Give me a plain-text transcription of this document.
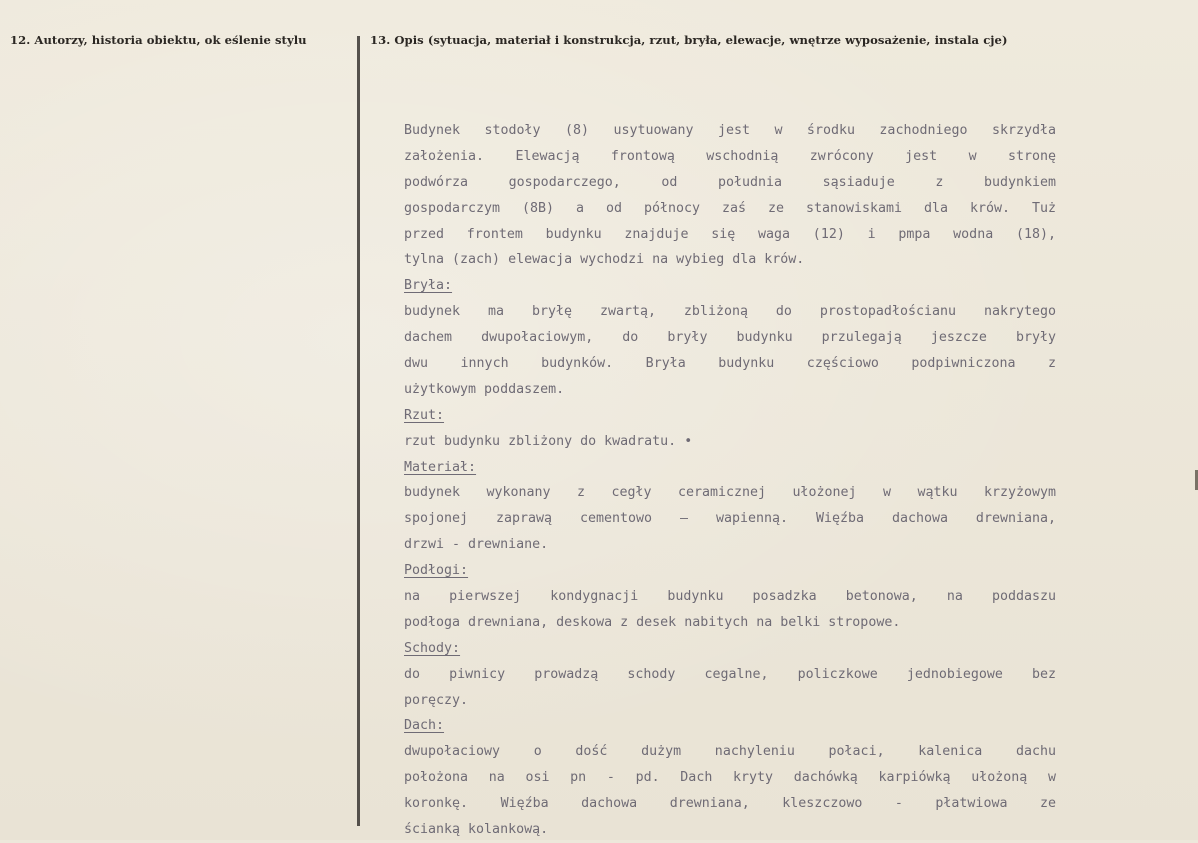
12. Autorzy, historia obiektu, ok eślenie stylu	13. Opis (sytuacja, materiał i konstrukcja, rzut, bryła, elewacje, wnętrze wyposażenie, instala cje)
Budynek stodoły (8) usytuowany jest w środku zachodniego skrzydła
założenia. Elewacją frontową wschodnią zwrócony jest w stronę
podwórza gospodarczego, od południa sąsiaduje z budynkiem
gospodarczym (8B) a od północy zaś ze stanowiskami dla krów. Tuż
przed frontem budynku znajduje się waga (12) i pmpa wodna (18),
tylna (zach) elewacja wychodzi na wybieg dla krów.
Bryła:
budynek ma bryłę zwartą, zbliżoną do prostopadłościanu nakrytego
dachem dwupołaciowym, do bryły budynku przulegają jeszcze bryły
dwu innych budynków. Bryła budynku częściowo podpiwniczona z
użytkowym poddaszem.
Rzut:
rzut budynku zbliżony do kwadratu. •
Materiał:
budynek wykonany z cegły ceramicznej ułożonej w wątku krzyżowym
spojonej zaprawą cementowo – wapienną. Więźba dachowa drewniana,
drzwi - drewniane.
Podłogi:
na pierwszej kondygnacji budynku posadzka betonowa, na poddaszu
podłoga drewniana, deskowa z desek nabitych na belki stropowe.
Schody:
do piwnicy prowadzą schody cegalne, policzkowe jednobiegowe bez
poręczy.
Dach:
dwupołaciowy o dość dużym nachyleniu połaci, kalenica dachu
położona na osi pn - pd. Dach kryty dachówką karpiówką ułożoną w
koronkę. Więźba dachowa drewniana, kleszczowo - płatwiowa ze
ścianką kolankową.
